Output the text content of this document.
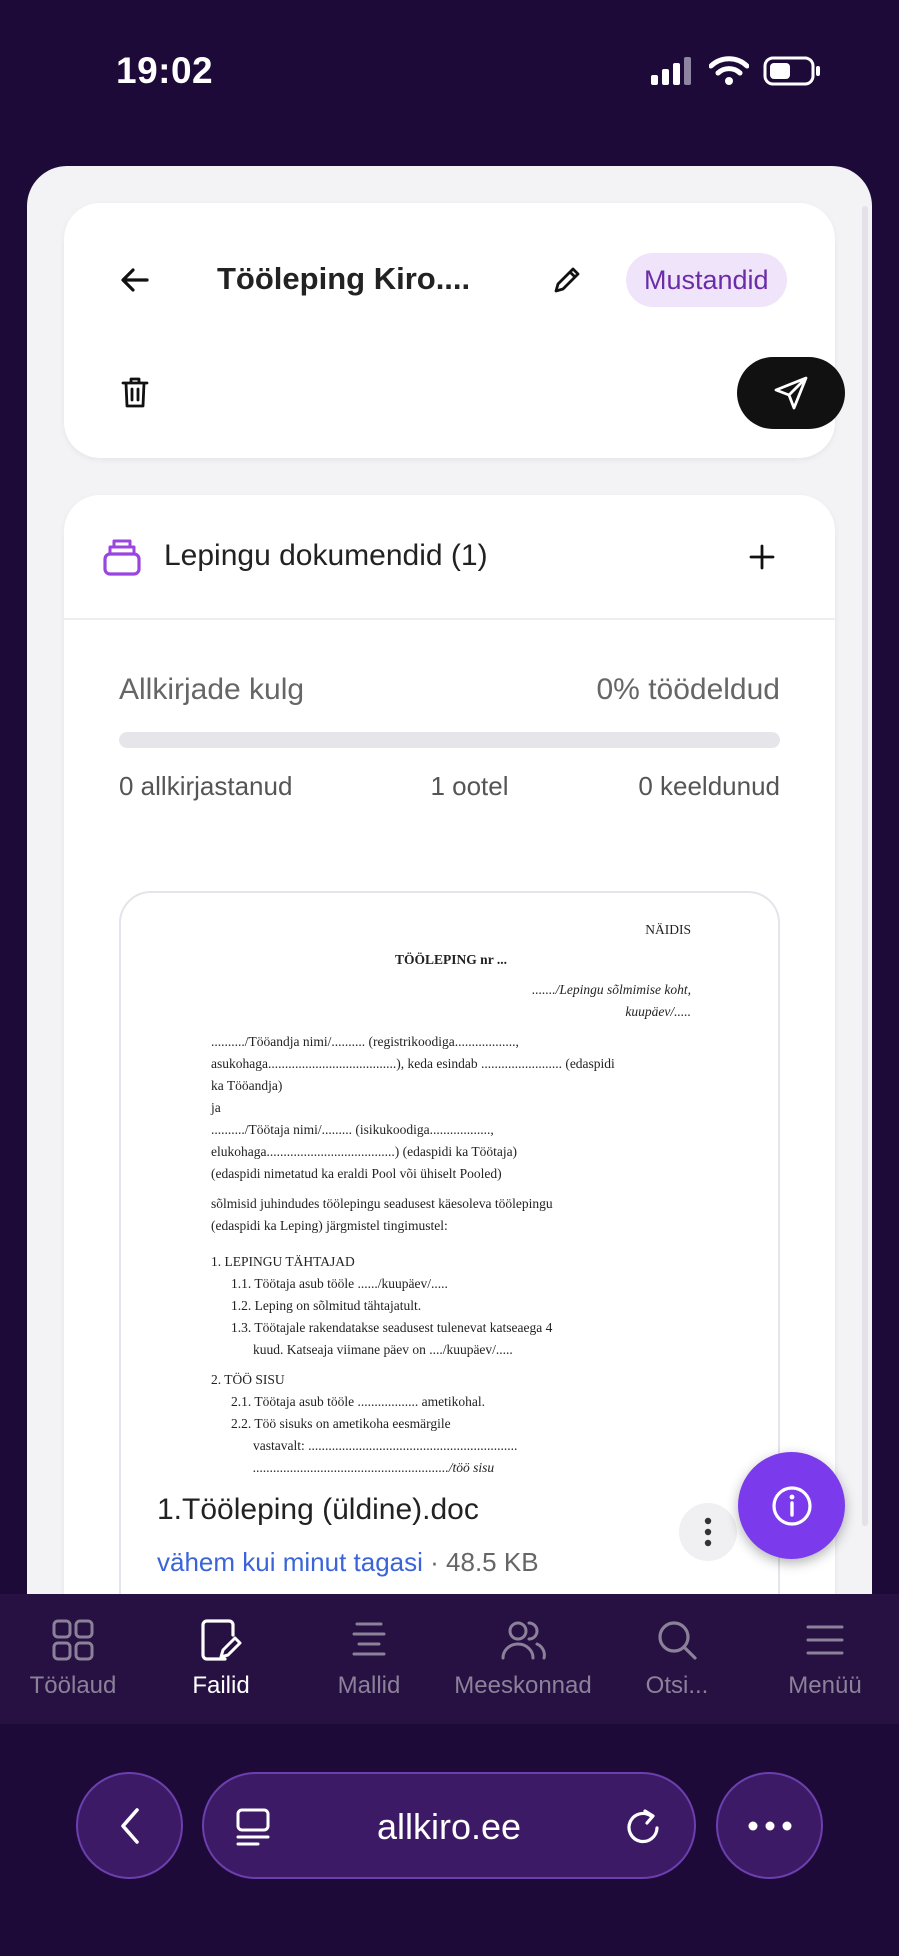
19:02
Tööleping Kiro....	Mustandid
Lepingu dokumendid (1)
Allkirjade kulg	0% töödeldud
0 allkirjastanud	1 ootel	0 keeldunud

NÄIDIS

TÖÖLEPING nr ...

......./Lepingu sõlmimise koht,

kuupäev/.....

........../Tööandja nimi/.......... (registrikoodiga..................,

asukohaga......................................), keda esindab ........................ (edaspidi

ka Tööandja)

ja

........../Töötaja nimi/......... (isikukoodiga..................,

elukohaga......................................) (edaspidi ka Töötaja)

(edaspidi nimetatud ka eraldi Pool või ühiselt Pooled)

sõlmisid juhindudes töölepingu seadusest käesoleva töölepingu

(edaspidi ka Leping) järgmistel tingimustel:

1. LEPINGU TÄHTAJAD

1.1. Töötaja asub tööle ....../kuupäev/.....

1.2. Leping on sõlmitud tähtajatult.

1.3. Töötajale rakendatakse seadusest tulenevat katseaega 4

kuud. Katseaja viimane päev on ..../kuupäev/.....

2. TÖÖ SISU

2.1. Töötaja asub tööle .................. ametikohal.

2.2. Töö sisuks on ametikoha eesmärgile

vastavalt: ..............................................................

........................................................../töö sisu

1.Tööleping (üldine).doc
vähem kui minut tagasi · 48.5 KB
Töölaud	Failid	Mallid	Meeskonnad	Otsi...	Menüü
allkiro.ee
